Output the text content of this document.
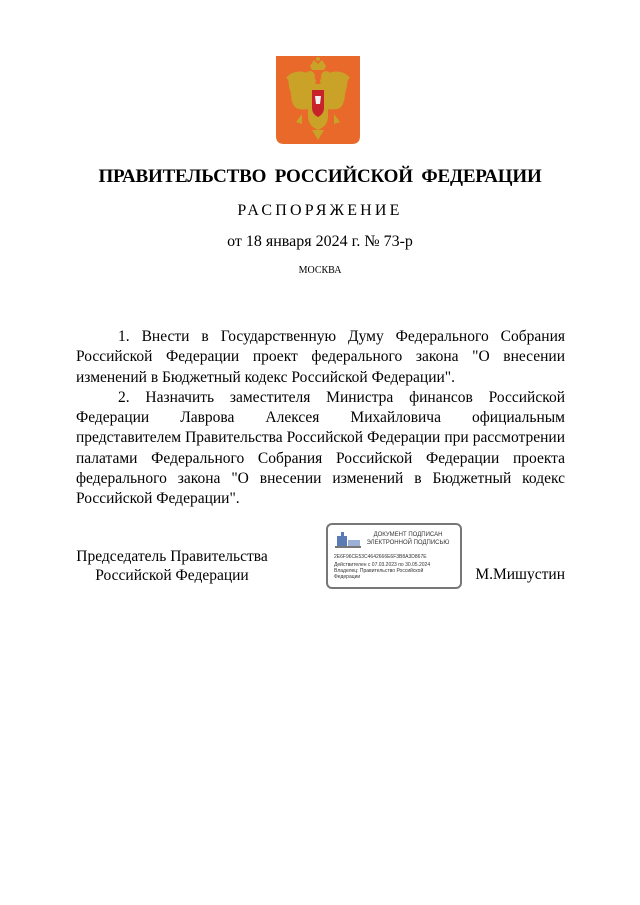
ПРАВИТЕЛЬСТВО РОССИЙСКОЙ ФЕДЕРАЦИИ
РАСПОРЯЖЕНИЕ
от 18 января 2024 г. № 73-р
МОСКВА

1. Внести в Государственную Думу Федерального Собрания Российской Федерации проект федерального закона "О внесении изменений в Бюджетный кодекс Российской Федерации".

2. Назначить заместителя Министра финансов Российской Федерации Лаврова Алексея Михайловича официальным представителем Правительства Российской Федерации при рассмотрении палатами Федерального Собрания Российской Федерации проекта федерального закона "О внесении изменений в Бюджетный кодекс Российской Федерации".

Председатель Правительства
Российской Федерации
ДОКУМЕНТ ПОДПИСАН
ЭЛЕКТРОННОЙ ПОДПИСЬЮ
2E6F96CE53C4642666E6F3B8A3D867E
Действителен с 07.03.2023 по 30.05.2024
Владелец: Правительство Российской
Федерации	М.Мишустин
